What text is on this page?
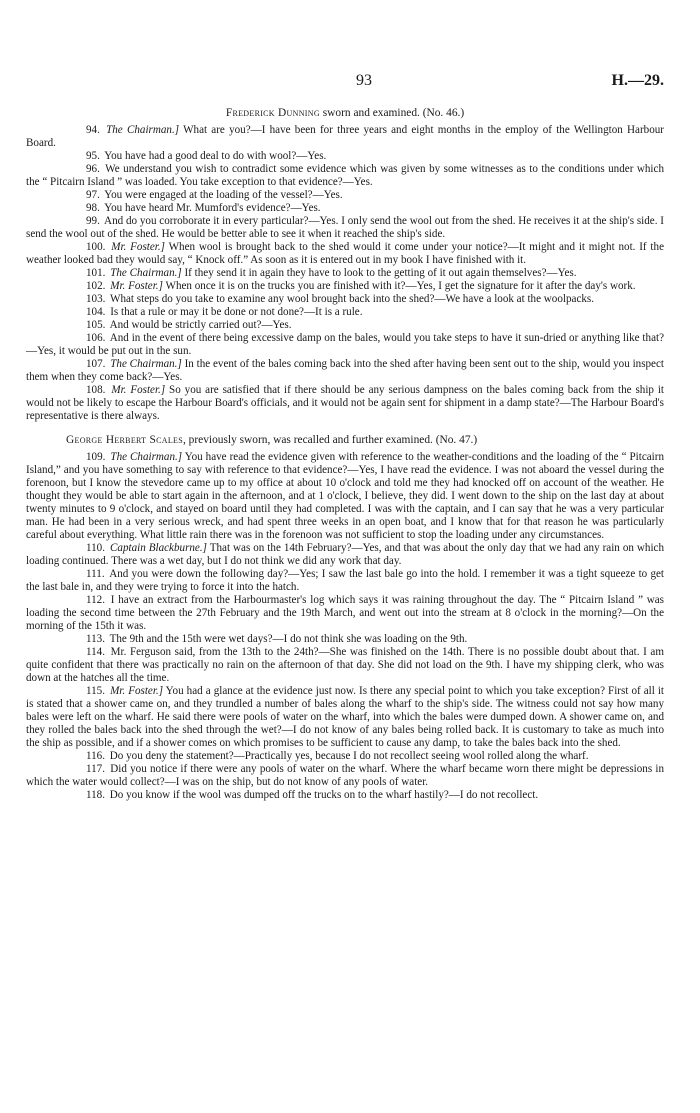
93	H.—29.
Frederick Dunning sworn and examined. (No. 46.)

94. The Chairman.] What are you?—I have been for three years and eight months in the employ of the Wellington Harbour Board.

95. You have had a good deal to do with wool?—Yes.

96. We understand you wish to contradict some evidence which was given by some witnesses as to the conditions under which the “ Pitcairn Island ” was loaded. You take exception to that evidence?—Yes.

97. You were engaged at the loading of the vessel?—Yes.

98. You have heard Mr. Mumford's evidence?—Yes.

99. And do you corroborate it in every particular?—Yes. I only send the wool out from the shed. He receives it at the ship's side. I send the wool out of the shed. He would be better able to see it when it reached the ship's side.

100. Mr. Foster.] When wool is brought back to the shed would it come under your notice?—It might and it might not. If the weather looked bad they would say, “ Knock off.” As soon as it is entered out in my book I have finished with it.

101. The Chairman.] If they send it in again they have to look to the getting of it out again themselves?—Yes.

102. Mr. Foster.] When once it is on the trucks you are finished with it?—Yes, I get the signature for it after the day's work.

103. What steps do you take to examine any wool brought back into the shed?—We have a look at the woolpacks.

104. Is that a rule or may it be done or not done?—It is a rule.

105. And would be strictly carried out?—Yes.

106. And in the event of there being excessive damp on the bales, would you take steps to have it sun-dried or anything like that?—Yes, it would be put out in the sun.

107. The Chairman.] In the event of the bales coming back into the shed after having been sent out to the ship, would you inspect them when they come back?—Yes.

108. Mr. Foster.] So you are satisfied that if there should be any serious dampness on the bales coming back from the ship it would not be likely to escape the Harbour Board's officials, and it would not be again sent for shipment in a damp state?—The Harbour Board's representative is there always.

George Herbert Scales, previously sworn, was recalled and further examined. (No. 47.)

109. The Chairman.] You have read the evidence given with reference to the weather-conditions and the loading of the “ Pitcairn Island,” and you have something to say with reference to that evidence?—Yes, I have read the evidence. I was not aboard the vessel during the forenoon, but I know the stevedore came up to my office at about 10 o'clock and told me they had knocked off on account of the weather. He thought they would be able to start again in the afternoon, and at 1 o'clock, I believe, they did. I went down to the ship on the last day at about twenty minutes to 9 o'clock, and stayed on board until they had completed. I was with the captain, and I can say that he was a very particular man. He had been in a very serious wreck, and had spent three weeks in an open boat, and I know that for that reason he was particularly careful about everything. What little rain there was in the forenoon was not sufficient to stop the loading under any circumstances.

110. Captain Blackburne.] That was on the 14th February?—Yes, and that was about the only day that we had any rain on which loading continued. There was a wet day, but I do not think we did any work that day.

111. And you were down the following day?—Yes; I saw the last bale go into the hold. I remember it was a tight squeeze to get the last bale in, and they were trying to force it into the hatch.

112. I have an extract from the Harbourmaster's log which says it was raining throughout the day. The “ Pitcairn Island ” was loading the second time between the 27th February and the 19th March, and went out into the stream at 8 o'clock in the morning?—On the morning of the 15th it was.

113. The 9th and the 15th were wet days?—I do not think she was loading on the 9th.

114. Mr. Ferguson said, from the 13th to the 24th?—She was finished on the 14th. There is no possible doubt about that. I am quite confident that there was practically no rain on the afternoon of that day. She did not load on the 9th. I have my shipping clerk, who was down at the hatches all the time.

115. Mr. Foster.] You had a glance at the evidence just now. Is there any special point to which you take exception? First of all it is stated that a shower came on, and they trundled a number of bales along the wharf to the ship's side. The witness could not say how many bales were left on the wharf. He said there were pools of water on the wharf, into which the bales were dumped down. A shower came on, and they rolled the bales back into the shed through the wet?—I do not know of any bales being rolled back. It is customary to take as much into the ship as possible, and if a shower comes on which promises to be sufficient to cause any damp, to take the bales back into the shed.

116. Do you deny the statement?—Practically yes, because I do not recollect seeing wool rolled along the wharf.

117. Did you notice if there were any pools of water on the wharf. Where the wharf became worn there might be depressions in which the water would collect?—I was on the ship, but do not know of any pools of water.

118. Do you know if the wool was dumped off the trucks on to the wharf hastily?—I do not recollect.
